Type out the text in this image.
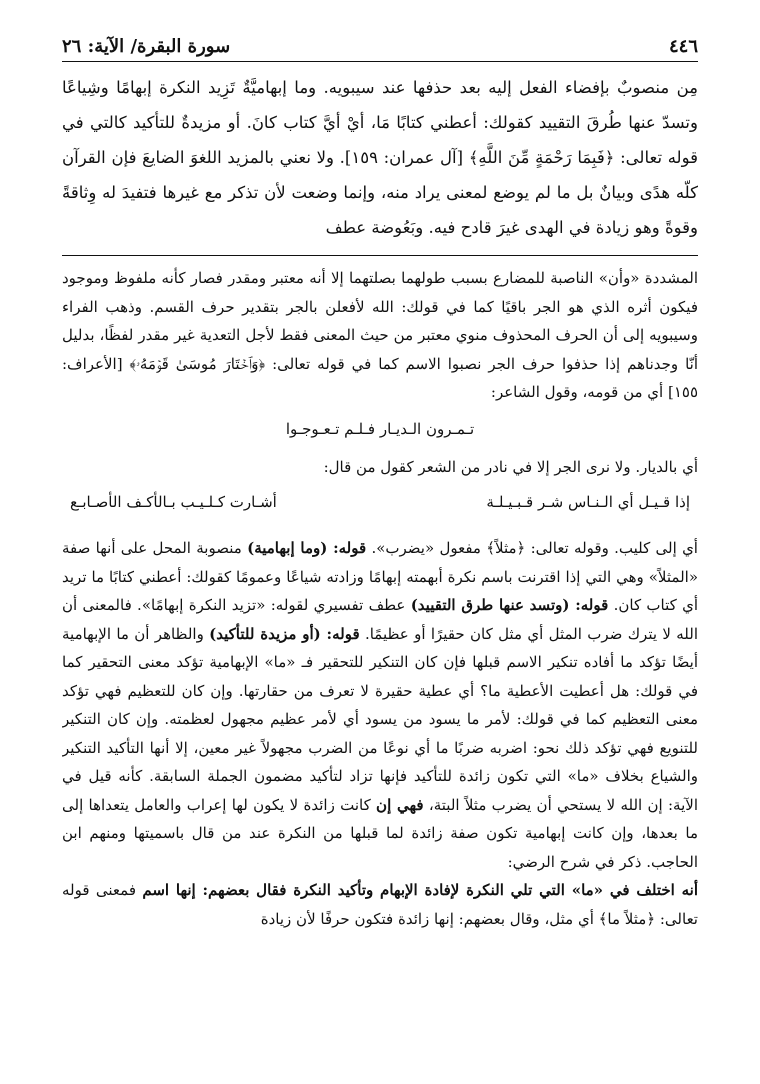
٤٤٦
سورة البقرة/ الآية: ٢٦

مِن منصوبٌ بإفضاء الفعل إليه بعد حذفها عند سيبويه. وما إبهاميَّةٌ تَزِيد النكرة إبهامًا وشِياعًا وتسدّ عنها طُرقَ التقييد كقولك: أعطني كتابًا مَا، أيْ أيَّ كتاب كانَ. أو مزيدةٌ للتأكيد كالتي في قوله تعالى: ﴿فَبِمَا رَحْمَةٍ مِّنَ اللَّهِ﴾ [آل عمران: ١٥٩]. ولا نعني بالمزيد اللغوَ الضايعَ فإن القرآن كلّه هدًى وبيانٌ بل ما لم يوضع لمعنى يراد منه، وإنما وضعت لأن تذكر مع غيرها فتفيدَ له وِثاقةً وقوةً وهو زيادة في الهدى غيرَ قادح فيه. وبَعُوضة عطف

المشددة «وأن» الناصبة للمضارع بسبب طولهما بصلتهما إلا أنه معتبر ومقدر فصار كأنه ملفوظ وموجود فيكون أثره الذي هو الجر باقيًا كما في قولك: الله لأفعلن بالجر بتقدير حرف القسم. وذهب الفراء وسيبويه إلى أن الحرف المحذوف منوي معتبر من حيث المعنى فقط لأجل التعدية غير مقدر لفظًا، بدليل أنّا وجدناهم إذا حذفوا حرف الجر نصبوا الاسم كما في قوله تعالى: ﴿وَٱخۡتَارَ مُوسَىٰ قَوۡمَهُۥ﴾ [الأعراف: ١٥٥] أي من قومه، وقول الشاعر:

تـمـرون الـديـار فـلـم تـعـوجـوا

أي بالديار. ولا نرى الجر إلا في نادر من الشعر كقول من قال:

إذا قـيـل أي الـنـاس شـر قـبـيـلـة
أشـارت كـلـيـب بـالأكـف الأصـابـع

أي إلى كليب. وقوله تعالى: ﴿مثلاً﴾ مفعول «يضرب». قوله: (وما إبهامية) منصوبة المحل على أنها صفة «المثلاً» وهي التي إذا اقترنت باسم نكرة أبهمته إبهامًا وزادته شياعًا وعمومًا كقولك: أعطني كتابًا ما تريد أي كتاب كان. قوله: (وتسد عنها طرق التقييد) عطف تفسيري لقوله: «تزيد النكرة إبهامًا». فالمعنى أن الله لا يترك ضرب المثل أي مثل كان حقيرًا أو عظيمًا. قوله: (أو مزيدة للتأكيد) والظاهر أن ما الإبهامية أيضًا تؤكد ما أفاده تنكير الاسم قبلها فإن كان التنكير للتحقير فـ «ما» الإبهامية تؤكد معنى التحقير كما في قولك: هل أعطيت الأعطية ما؟ أي عطية حقيرة لا تعرف من حقارتها. وإن كان للتعظيم فهي تؤكد معنى التعظيم كما في قولك: لأمر ما يسود من يسود أي لأمر عظيم مجهول لعظمته. وإن كان التنكير للتنويع فهي تؤكد ذلك نحو: اضربه ضربًا ما أي نوعًا من الضرب مجهولاً غير معين، إلا أنها التأكيد التنكير والشياع بخلاف «ما» التي تكون زائدة للتأكيد فإنها تزاد لتأكيد مضمون الجملة السابقة. كأنه قيل في الآية: إن الله لا يستحي أن يضرب مثلاً البتة، فهي إن كانت زائدة لا يكون لها إعراب والعامل يتعداها إلى ما بعدها، وإن كانت إبهامية تكون صفة زائدة لما قبلها من النكرة عند من قال باسميتها ومنهم ابن الحاجب. ذكر في شرح الرضي:

أنه اختلف في «ما» التي تلي النكرة لإفادة الإبهام وتأكيد النكرة فقال بعضهم: إنها اسم فمعنى قوله تعالى: ﴿مثلاً ما﴾ أي مثل، وقال بعضهم: إنها زائدة فتكون حرفًا لأن زيادة
